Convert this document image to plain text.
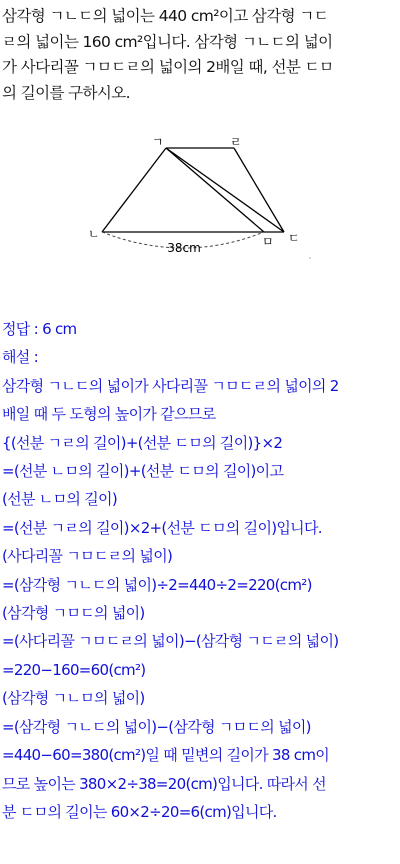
삼각형 ㄱㄴㄷ의 넓이는 440 cm²이고 삼각형 ㄱㄷ
ㄹ의 넓이는 160 cm²입니다. 삼각형 ㄱㄴㄷ의 넓이
가 사다리꼴 ㄱㅁㄷㄹ의 넓이의 2배일 때, 선분 ㄷㅁ
의 길이를 구하시오.
ㄱ	ㄹ
ㄴ
ㅁ ㄷ
38cm
정답 : 6 cm
해설 :
삼각형 ㄱㄴㄷ의 넓이가 사다리꼴 ㄱㅁㄷㄹ의 넓이의 2
배일 때 두 도형의 높이가 같으므로
{(선분 ㄱㄹ의 길이)+(선분 ㄷㅁ의 길이)}×2
=(선분 ㄴㅁ의 길이)+(선분 ㄷㅁ의 길이)이고
(선분 ㄴㅁ의 길이)
=(선분 ㄱㄹ의 길이)×2+(선분 ㄷㅁ의 길이)입니다.
(사다리꼴 ㄱㅁㄷㄹ의 넓이)
=(삼각형 ㄱㄴㄷ의 넓이)÷2=440÷2=220(cm²)
(삼각형 ㄱㅁㄷ의 넓이)
=(사다리꼴 ㄱㅁㄷㄹ의 넓이)−(삼각형 ㄱㄷㄹ의 넓이)
=220−160=60(cm²)
(삼각형 ㄱㄴㅁ의 넓이)
=(삼각형 ㄱㄴㄷ의 넓이)−(삼각형 ㄱㅁㄷ의 넓이)
=440−60=380(cm²)일 때 밑변의 길이가 38 cm이
므로 높이는 380×2÷38=20(cm)입니다. 따라서 선
분 ㄷㅁ의 길이는 60×2÷20=6(cm)입니다.
